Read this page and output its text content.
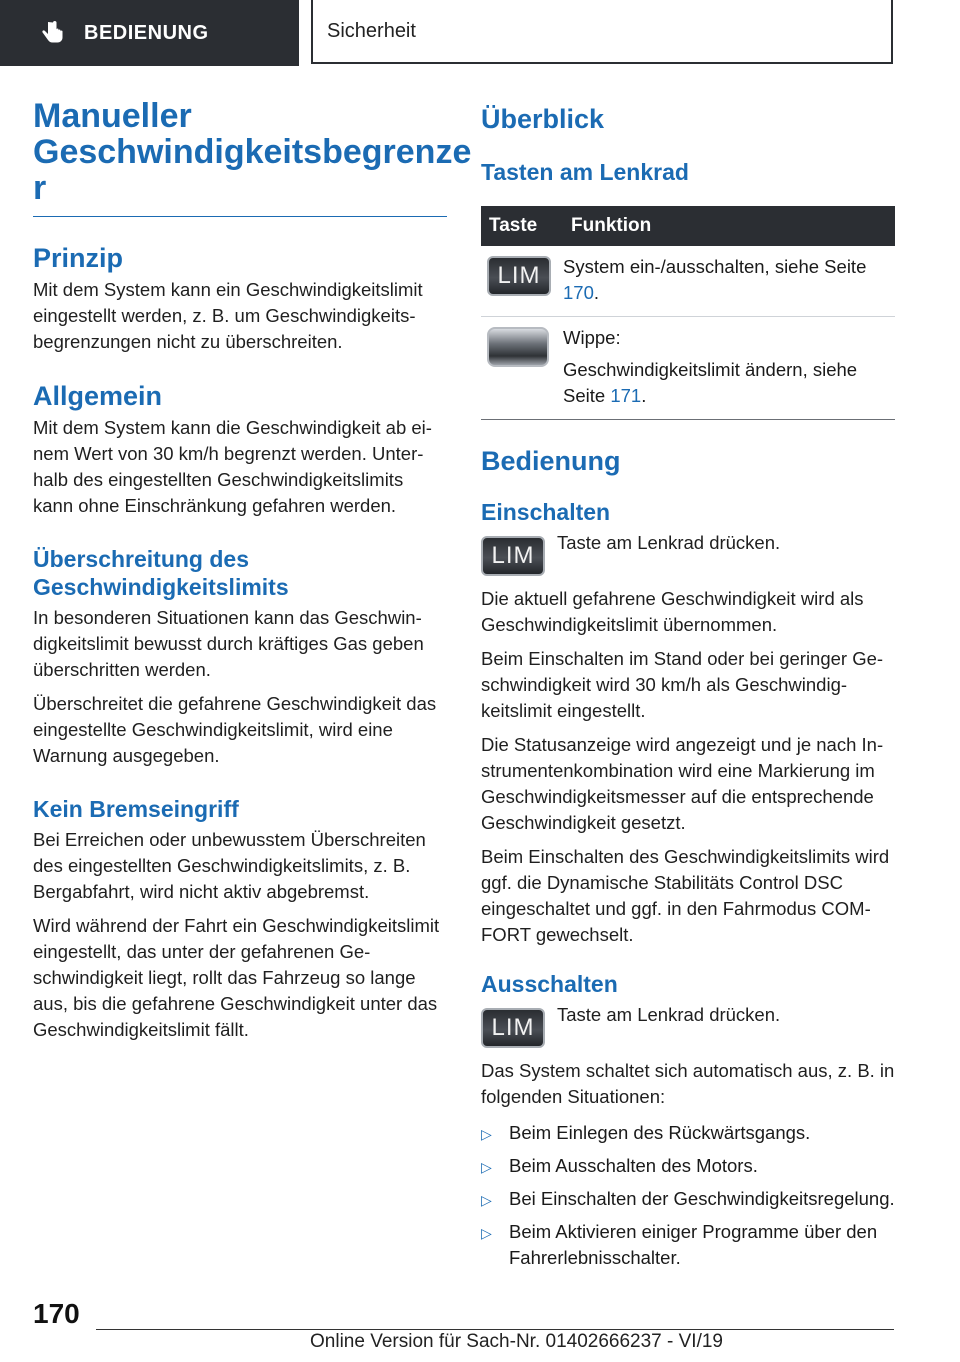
BEDIENUNG	Sicherheit
Manueller Geschwindigkeitsbegrenze r
Prinzip

Mit dem System kann ein Geschwindigkeitslimit eingestellt werden, z. B. um Geschwindigkeitsbegrenzungen nicht zu überschreiten.

Allgemein

Mit dem System kann die Geschwindigkeit ab einem Wert von 30 km/h begrenzt werden. Unterhalb des eingestellten Geschwindigkeitslimits kann ohne Einschränkung gefahren werden.

Überschreitung des Geschwindigkeitslimits

In besonderen Situationen kann das Geschwindigkeitslimit bewusst durch kräftiges Gas geben überschritten werden.

Überschreitet die gefahrene Geschwindigkeit das eingestellte Geschwindigkeitslimit, wird eine Warnung ausgegeben.

Kein Bremseingriff

Bei Erreichen oder unbewusstem Überschreiten des eingestellten Geschwindigkeitslimits, z. B. Bergabfahrt, wird nicht aktiv abgebremst.

Wird während der Fahrt ein Geschwindigkeitslimit eingestellt, das unter der gefahrenen Geschwindigkeit liegt, rollt das Fahrzeug so lange aus, bis die gefahrene Geschwindigkeit unter das Geschwindigkeitslimit fällt.

Überblick
Tasten am Lenkrad
Taste	Funktion

LIM	System ein-/ausschalten, siehe Seite 170.

	Wippe:
Geschwindigkeitslimit ändern, siehe Seite 171.
Bedienung
Einschalten
LIM	Taste am Lenkrad drücken.

Die aktuell gefahrene Geschwindigkeit wird als Geschwindigkeitslimit übernommen.

Beim Einschalten im Stand oder bei geringer Geschwindigkeit wird 30 km/h als Geschwindigkeitslimit eingestellt.

Die Statusanzeige wird angezeigt und je nach Instrumentenkombination wird eine Markierung im Geschwindigkeitsmesser auf die entsprechende Geschwindigkeit gesetzt.

Beim Einschalten des Geschwindigkeitslimits wird ggf. die Dynamische Stabilitäts Control DSC eingeschaltet und ggf. in den Fahrmodus COMFORT gewechselt.

Ausschalten
LIM	Taste am Lenkrad drücken.

Das System schaltet sich automatisch aus, z. B. in folgenden Situationen:

▷ Beim Einlegen des Rückwärtsgangs.
▷ Beim Ausschalten des Motors.
▷ Bei Einschalten der Geschwindigkeitsregelung.
▷ Beim Aktivieren einiger Programme über den Fahrerlebnisschalter.
170
Online Version für Sach-Nr. 01402666237 - VI/19
